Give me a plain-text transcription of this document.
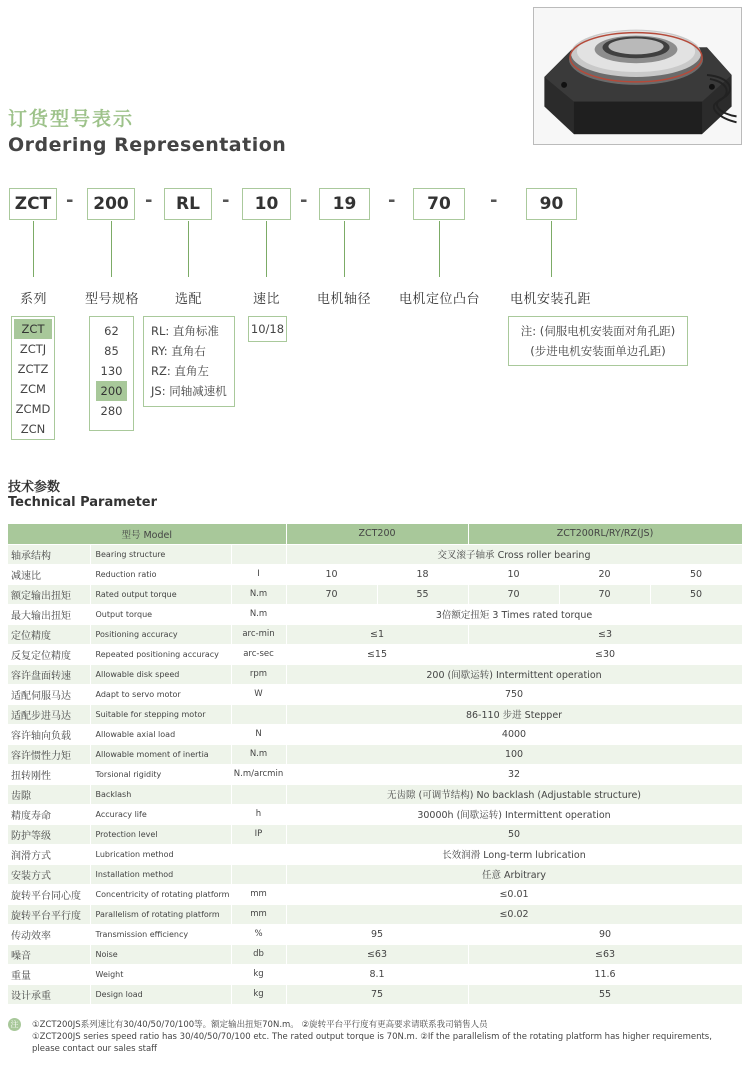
订货型号表示
Ordering Representation
ZCT -	200 -	RL	-	10	-	19	-	70	-	90
系列	型号规格	选配	速比	电机轴径 电机定位凸台 电机安装孔距
ZCT
ZCTJ
ZCTZ
ZCM
ZCMD
ZCN
62
85
130
200
280
RL: 直角标准
RY: 直角右
RZ: 直角左
JS: 同轴减速机
10/18	注: (伺服电机安装面对角孔距)
(步进电机安装面单边孔距)
技术参数
Technical Parameter
型号 Model			ZCT200		ZCT200RL/RY/RZ(JS)		
轴承结构	Bearing structure		交叉滚子轴承 Cross roller bearing				
减速比	Reduction ratio	I	10	18	10	20	50
额定输出扭矩	Rated output torque	N.m	70	55	70	70	50
最大输出扭矩	Output torque	N.m	3倍额定扭矩 3 Times rated torque				
定位精度	Positioning accuracy	arc-min	≤1		≤3		
反复定位精度	Repeated positioning accuracy	arc-sec	≤15		≤30		
容许盘面转速	Allowable disk speed	rpm	200 (间歇运转) Intermittent operation				
适配伺服马达	Adapt to servo motor	W	750				
适配步进马达	Suitable for stepping motor		86-110 步进 Stepper				
容许轴向负载	Allowable axial load	N	4000				
容许惯性力矩	Allowable moment of inertia	N.m	100				
扭转刚性	Torsional rigidity	N.m/arcmin	32				
齿隙	Backlash		无齿隙 (可调节结构) No backlash (Adjustable structure)				
精度寿命	Accuracy life	h	30000h (间歇运转) Intermittent operation				
防护等级	Protection level	IP	50				
润滑方式	Lubrication method		长效润滑 Long-term lubrication				
安装方式	Installation method		任意 Arbitrary				
旋转平台同心度	Concentricity of rotating platform	mm	≤0.01				
旋转平台平行度	Parallelism of rotating platform	mm	≤0.02				
传动效率	Transmission efficiency	%	95		90		
噪音	Noise	db	≤63		≤63		
重量	Weight	kg	8.1		11.6		
设计承重	Design load	kg	75		55		
注 ①ZCT200JS系列速比有30/40/50/70/100等。额定输出扭矩70N.m。 ②旋转平台平行度有更高要求请联系我司销售人员
①ZCT200JS series speed ratio has 30/40/50/70/100 etc. The rated output torque is 70N.m. ②If the parallelism of the rotating platform has higher requirements,
please contact our sales staff
